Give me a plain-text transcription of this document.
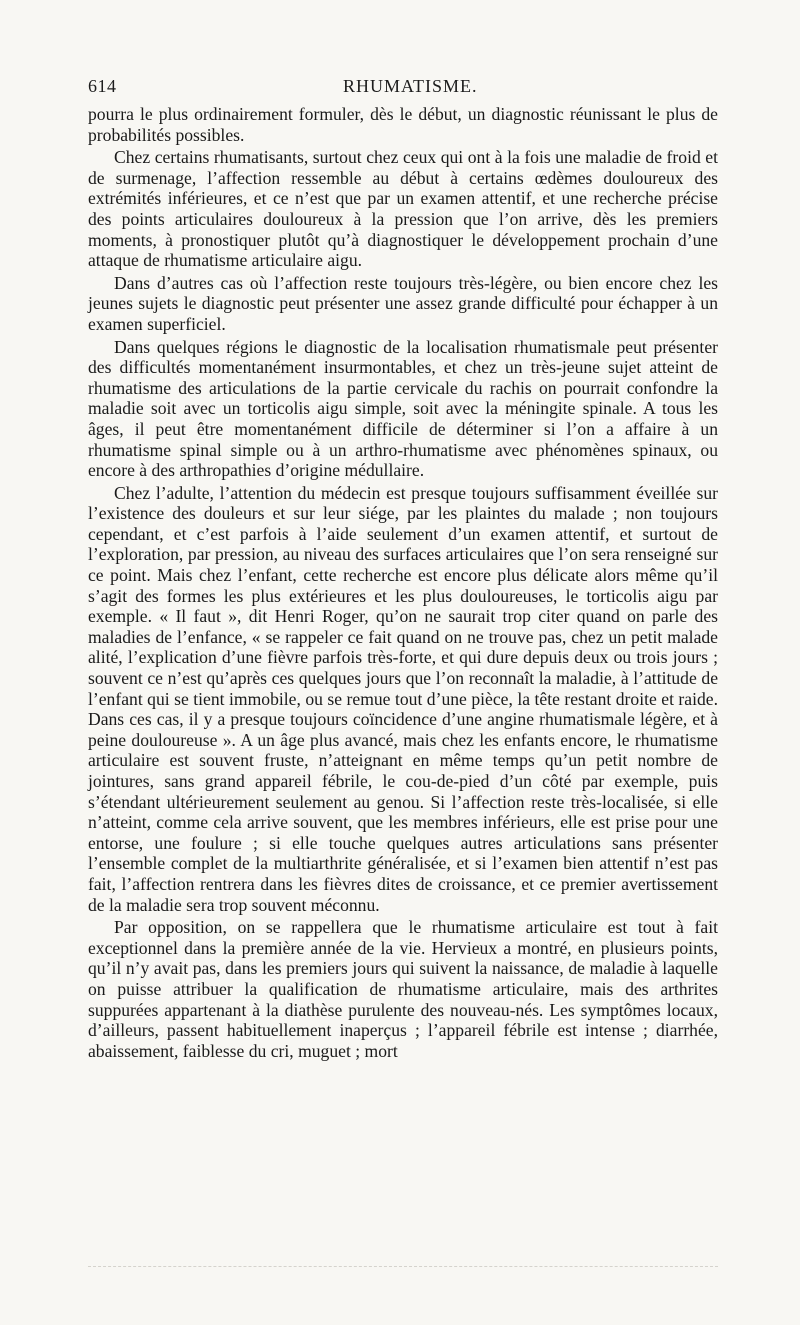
614	RHUMATISME.

pourra le plus ordinairement formuler, dès le début, un diagnostic réunissant le plus de probabilités possibles.

Chez certains rhumatisants, surtout chez ceux qui ont à la fois une maladie de froid et de surmenage, l’affection ressemble au début à certains œdèmes douloureux des extrémités inférieures, et ce n’est que par un examen attentif, et une recherche précise des points articulaires douloureux à la pression que l’on arrive, dès les premiers moments, à pronostiquer plutôt qu’à diagnostiquer le développement prochain d’une attaque de rhumatisme articulaire aigu.

Dans d’autres cas où l’affection reste toujours très-légère, ou bien encore chez les jeunes sujets le diagnostic peut présenter une assez grande difficulté pour échapper à un examen superficiel.

Dans quelques régions le diagnostic de la localisation rhumatismale peut présenter des difficultés momentanément insurmontables, et chez un très-jeune sujet atteint de rhumatisme des articulations de la partie cervicale du rachis on pourrait confondre la maladie soit avec un torticolis aigu simple, soit avec la méningite spinale. A tous les âges, il peut être momentanément difficile de déterminer si l’on a affaire à un rhumatisme spinal simple ou à un arthro-rhumatisme avec phénomènes spinaux, ou encore à des arthropathies d’origine médullaire.

Chez l’adulte, l’attention du médecin est presque toujours suffisamment éveillée sur l’existence des douleurs et sur leur siége, par les plaintes du malade ; non toujours cependant, et c’est parfois à l’aide seulement d’un examen attentif, et surtout de l’exploration, par pression, au niveau des surfaces articulaires que l’on sera renseigné sur ce point. Mais chez l’enfant, cette recherche est encore plus délicate alors même qu’il s’agit des formes les plus extérieures et les plus douloureuses, le torticolis aigu par exemple. « Il faut », dit Henri Roger, qu’on ne saurait trop citer quand on parle des maladies de l’enfance, « se rappeler ce fait quand on ne trouve pas, chez un petit malade alité, l’explication d’une fièvre parfois très-forte, et qui dure depuis deux ou trois jours ; souvent ce n’est qu’après ces quelques jours que l’on reconnaît la maladie, à l’attitude de l’enfant qui se tient immobile, ou se remue tout d’une pièce, la tête restant droite et raide. Dans ces cas, il y a presque toujours coïncidence d’une angine rhumatismale légère, et à peine douloureuse ». A un âge plus avancé, mais chez les enfants encore, le rhumatisme articulaire est souvent fruste, n’atteignant en même temps qu’un petit nombre de jointures, sans grand appareil fébrile, le cou-de-pied d’un côté par exemple, puis s’étendant ultérieurement seulement au genou. Si l’affection reste très-localisée, si elle n’atteint, comme cela arrive souvent, que les membres inférieurs, elle est prise pour une entorse, une foulure ; si elle touche quelques autres articulations sans présenter l’ensemble complet de la multiarthrite généralisée, et si l’examen bien attentif n’est pas fait, l’affection rentrera dans les fièvres dites de croissance, et ce premier avertissement de la maladie sera trop souvent méconnu.

Par opposition, on se rappellera que le rhumatisme articulaire est tout à fait exceptionnel dans la première année de la vie. Hervieux a montré, en plusieurs points, qu’il n’y avait pas, dans les premiers jours qui suivent la naissance, de maladie à laquelle on puisse attribuer la qualification de rhumatisme articulaire, mais des arthrites suppurées appartenant à la diathèse purulente des nouveau-nés. Les symptômes locaux, d’ailleurs, passent habituellement inaperçus ; l’appareil fébrile est intense ; diarrhée, abaissement, faiblesse du cri, muguet ; mort
